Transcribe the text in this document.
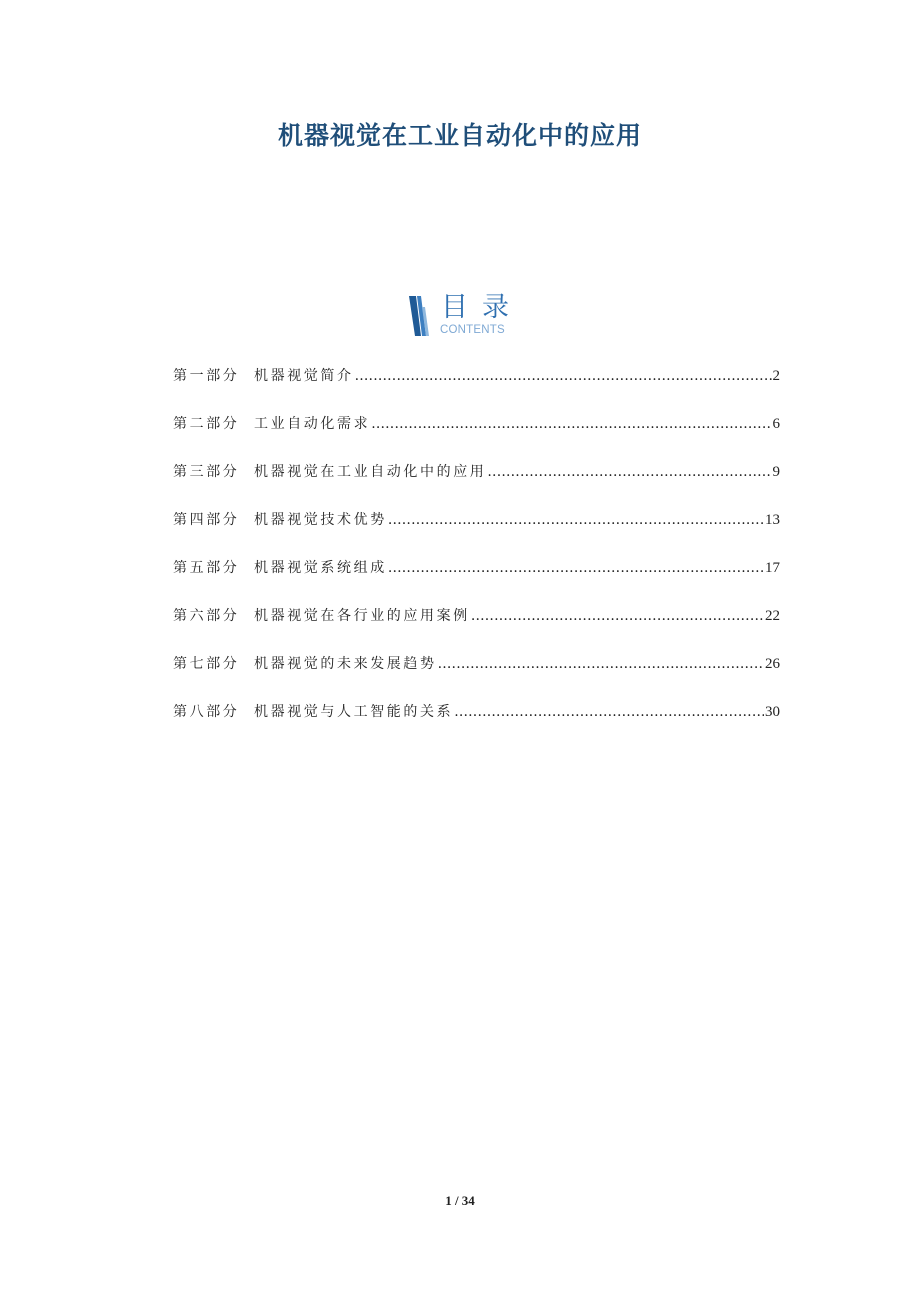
机器视觉在工业自动化中的应用
目录
CONTENTS
第一部分	机器视觉简介 .....	2
第二部分	工业自动化需求 .....	6
第三部分	机器视觉在工业自动化中的应用 .....	9
第四部分	机器视觉技术优势 .....	13
第五部分	机器视觉系统组成 .....	17
第六部分	机器视觉在各行业的应用案例 .....	22
第七部分	机器视觉的未来发展趋势 .....	26
第八部分	机器视觉与人工智能的关系 .....	30
1 / 34
